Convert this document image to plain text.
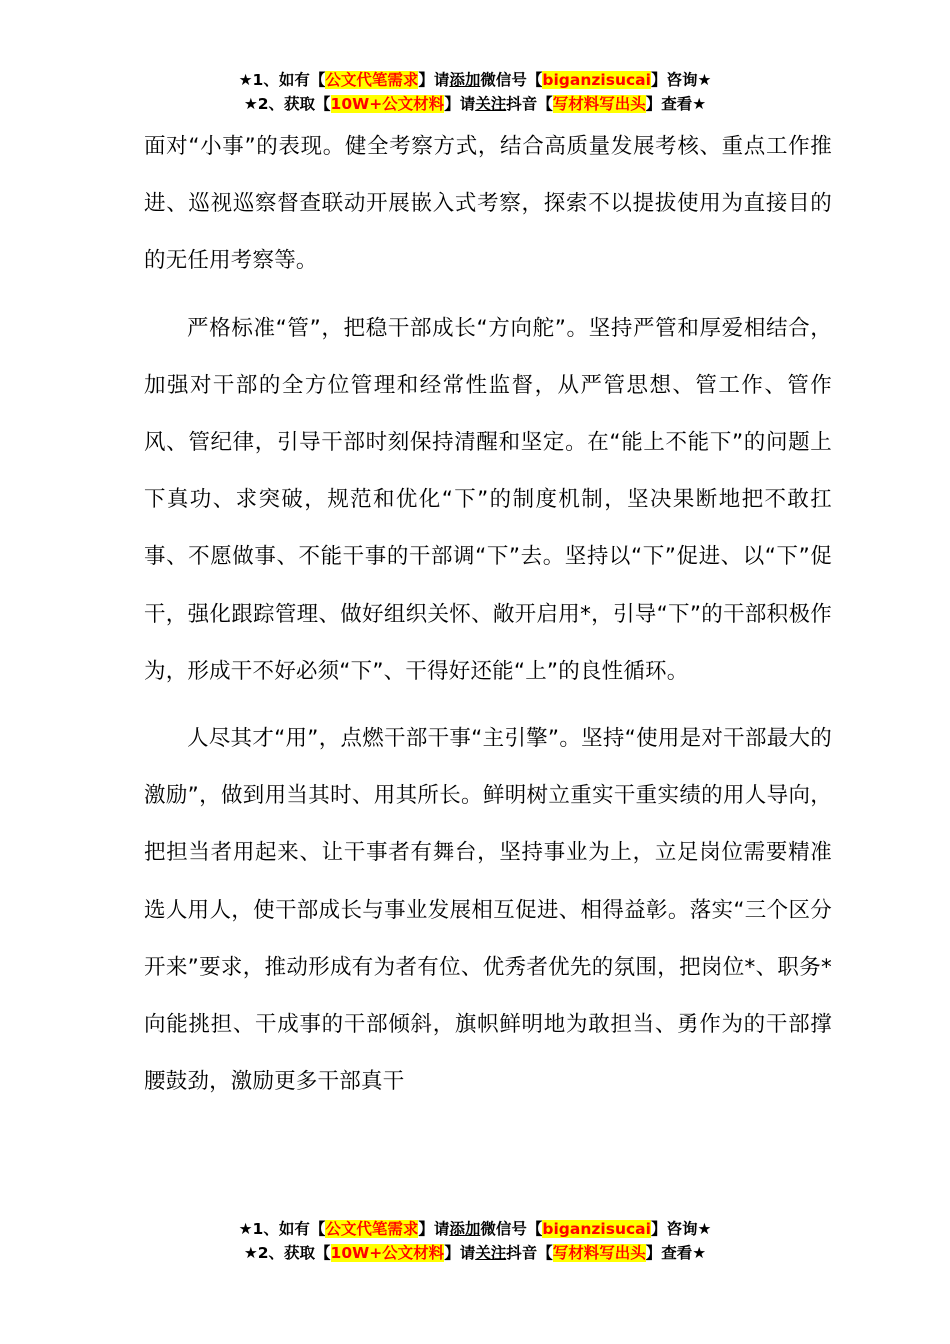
★1、如有【公文代笔需求】请添加微信号【biganzisucai】咨询★
★2、获取【10W+公文材料】请关注抖音【写材料写出头】查看★

面对“小事”的表现。健全考察方式，结合高质量发展考核、重点工作推进、巡视巡察督查联动开展嵌入式考察，探索不以提拔使用为直接目的的无任用考察等。

严格标准“管”，把稳干部成长“方向舵”。坚持严管和厚爱相结合，加强对干部的全方位管理和经常性监督，从严管思想、管工作、管作风、管纪律，引导干部时刻保持清醒和坚定。在“能上不能下”的问题上下真功、求突破，规范和优化“下”的制度机制，坚决果断地把不敢扛事、不愿做事、不能干事的干部调“下”去。坚持以“下”促进、以“下”促干，强化跟踪管理、做好组织关怀、敞开启用*，引导“下”的干部积极作为，形成干不好必须“下”、干得好还能“上”的良性循环。

人尽其才“用”，点燃干部干事“主引擎”。坚持“使用是对干部最大的激励”，做到用当其时、用其所长。鲜明树立重实干重实绩的用人导向，把担当者用起来、让干事者有舞台，坚持事业为上，立足岗位需要精准选人用人，使干部成长与事业发展相互促进、相得益彰。落实“三个区分开来”要求，推动形成有为者有位、优秀者优先的氛围，把岗位*、职务*向能挑担、干成事的干部倾斜，旗帜鲜明地为敢担当、勇作为的干部撑腰鼓劲，激励更多干部真干

★1、如有【公文代笔需求】请添加微信号【biganzisucai】咨询★
★2、获取【10W+公文材料】请关注抖音【写材料写出头】查看★
